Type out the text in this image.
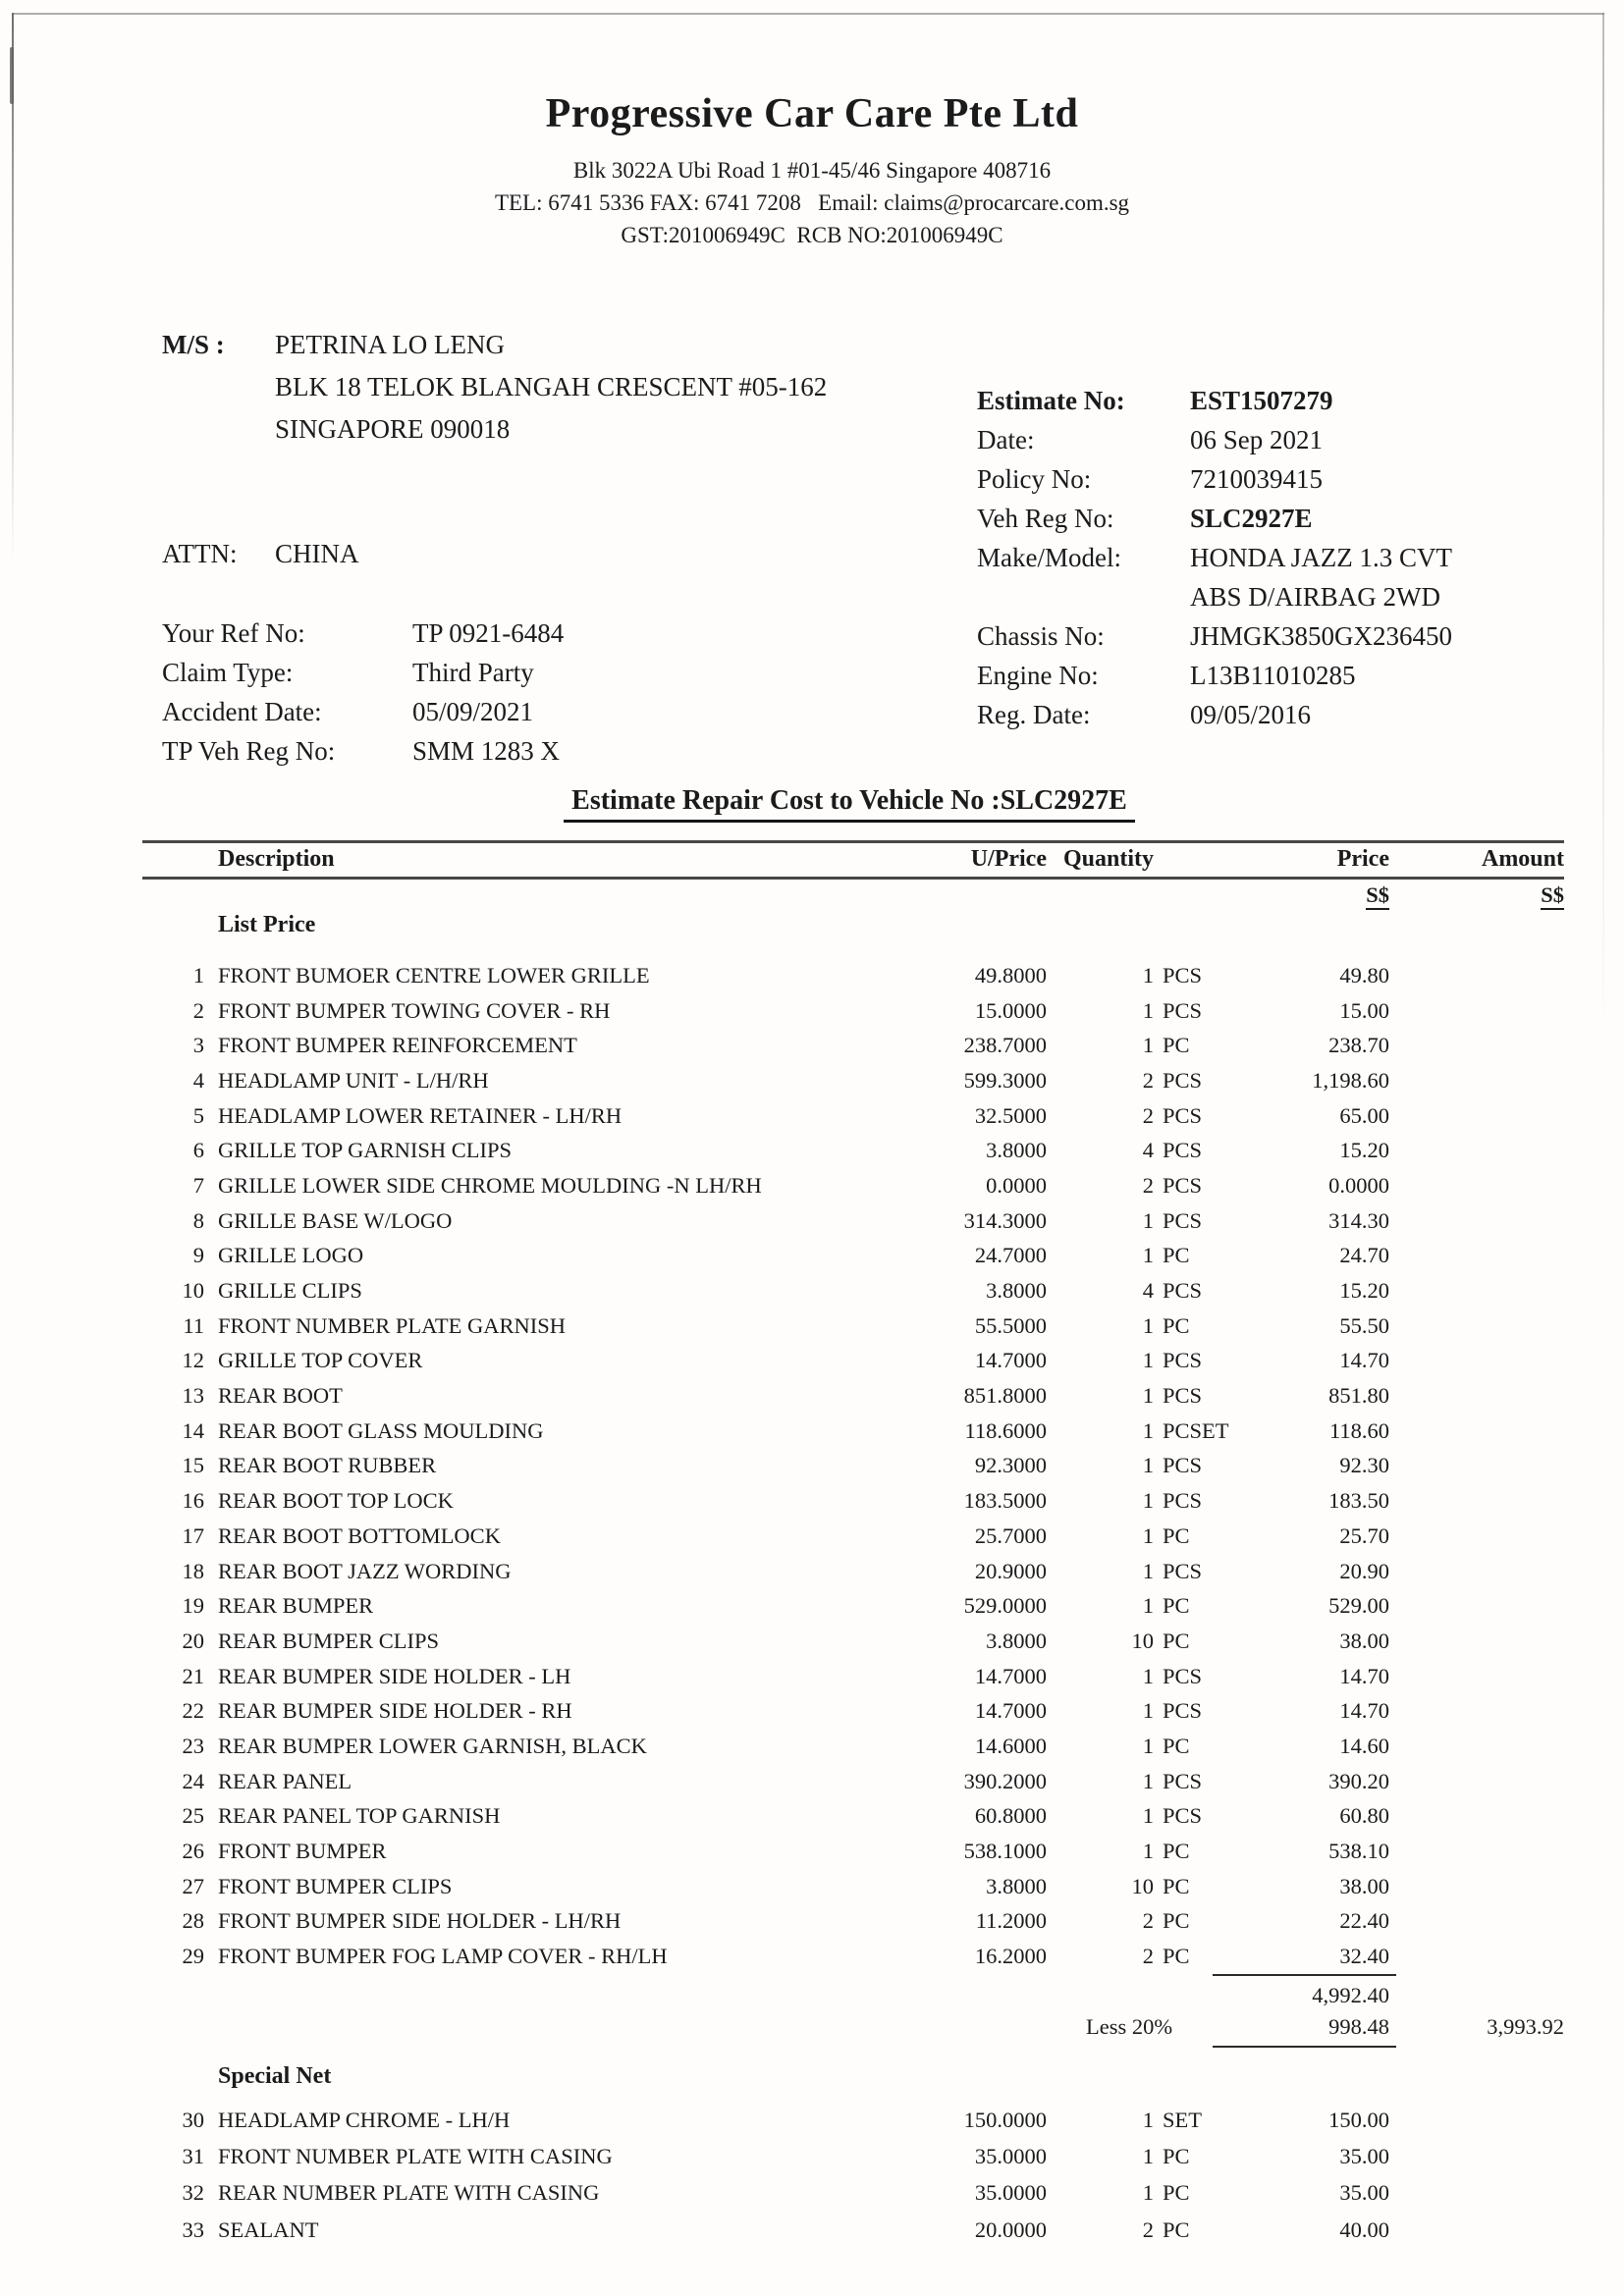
Progressive Car Care Pte Ltd
Blk 3022A Ubi Road 1 #01-45/46 Singapore 408716
TEL: 6741 5336 FAX: 6741 7208   Email: claims@procarcare.com.sg
GST:201006949C  RCB NO:201006949C
M/S :	PETRINA LO LENG
BLK 18 TELOK BLANGAH CRESCENT #05-162
SINGAPORE 090018
ATTN:	CHINA
Your Ref No:	TP 0921-6484
Claim Type:	Third Party
Accident Date:	05/09/2021
TP Veh Reg No:	SMM 1283 X
Estimate No:	EST1507279
Date:	06 Sep 2021
Policy No:	7210039415
Veh Reg No:	SLC2927E
Make/Model:	HONDA JAZZ 1.3 CVT ABS D/AIRBAG 2WD
Chassis No:	JHMGK3850GX236450
Engine No:	L13B11010285
Reg. Date:	09/05/2016
Estimate Repair Cost to Vehicle No :SLC2927E
Description	U/Price Quantity	Price	Amount
S$	S$
List Price
1 FRONT BUMOER CENTRE LOWER GRILLE	49.8000	1 PCS	49.80
2 FRONT BUMPER TOWING COVER - RH	15.0000	1 PCS	15.00
3 FRONT BUMPER REINFORCEMENT	238.7000	1 PC	238.70
4 HEADLAMP UNIT - L/H/RH	599.3000	2 PCS	1,198.60
5 HEADLAMP LOWER RETAINER - LH/RH	32.5000	2 PCS	65.00
6 GRILLE TOP GARNISH CLIPS	3.8000	4 PCS	15.20
7 GRILLE LOWER SIDE CHROME MOULDING -N LH/RH	0.0000	2 PCS	0.0000
8 GRILLE BASE W/LOGO	314.3000	1 PCS	314.30
9 GRILLE LOGO	24.7000	1 PC	24.70
10 GRILLE CLIPS	3.8000	4 PCS	15.20
11 FRONT NUMBER PLATE GARNISH	55.5000	1 PC	55.50
12 GRILLE TOP COVER	14.7000	1 PCS	14.70
13 REAR BOOT	851.8000	1 PCS	851.80
14 REAR BOOT GLASS MOULDING	118.6000	1 PCSET	118.60
15 REAR BOOT RUBBER	92.3000	1 PCS	92.30
16 REAR BOOT TOP LOCK	183.5000	1 PCS	183.50
17 REAR BOOT BOTTOMLOCK	25.7000	1 PC	25.70
18 REAR BOOT JAZZ WORDING	20.9000	1 PCS	20.90
19 REAR BUMPER	529.0000	1 PC	529.00
20 REAR BUMPER CLIPS	3.8000	10 PC	38.00
21 REAR BUMPER SIDE HOLDER - LH	14.7000	1 PCS	14.70
22 REAR BUMPER SIDE HOLDER - RH	14.7000	1 PCS	14.70
23 REAR BUMPER LOWER GARNISH, BLACK	14.6000	1 PC	14.60
24 REAR PANEL	390.2000	1 PCS	390.20
25 REAR PANEL TOP GARNISH	60.8000	1 PCS	60.80
26 FRONT BUMPER	538.1000	1 PC	538.10
27 FRONT BUMPER CLIPS	3.8000	10 PC	38.00
28 FRONT BUMPER SIDE HOLDER - LH/RH	11.2000	2 PC	22.40
29 FRONT BUMPER FOG LAMP COVER - RH/LH	16.2000	2 PC	32.40
4,992.40
Less 20%	998.48	3,993.92
Special Net
30 HEADLAMP CHROME - LH/H	150.0000	1 SET	150.00
31 FRONT NUMBER PLATE WITH CASING	35.0000	1 PC	35.00
32 REAR NUMBER PLATE WITH CASING	35.0000	1 PC	35.00
33 SEALANT	20.0000	2 PC	40.00
